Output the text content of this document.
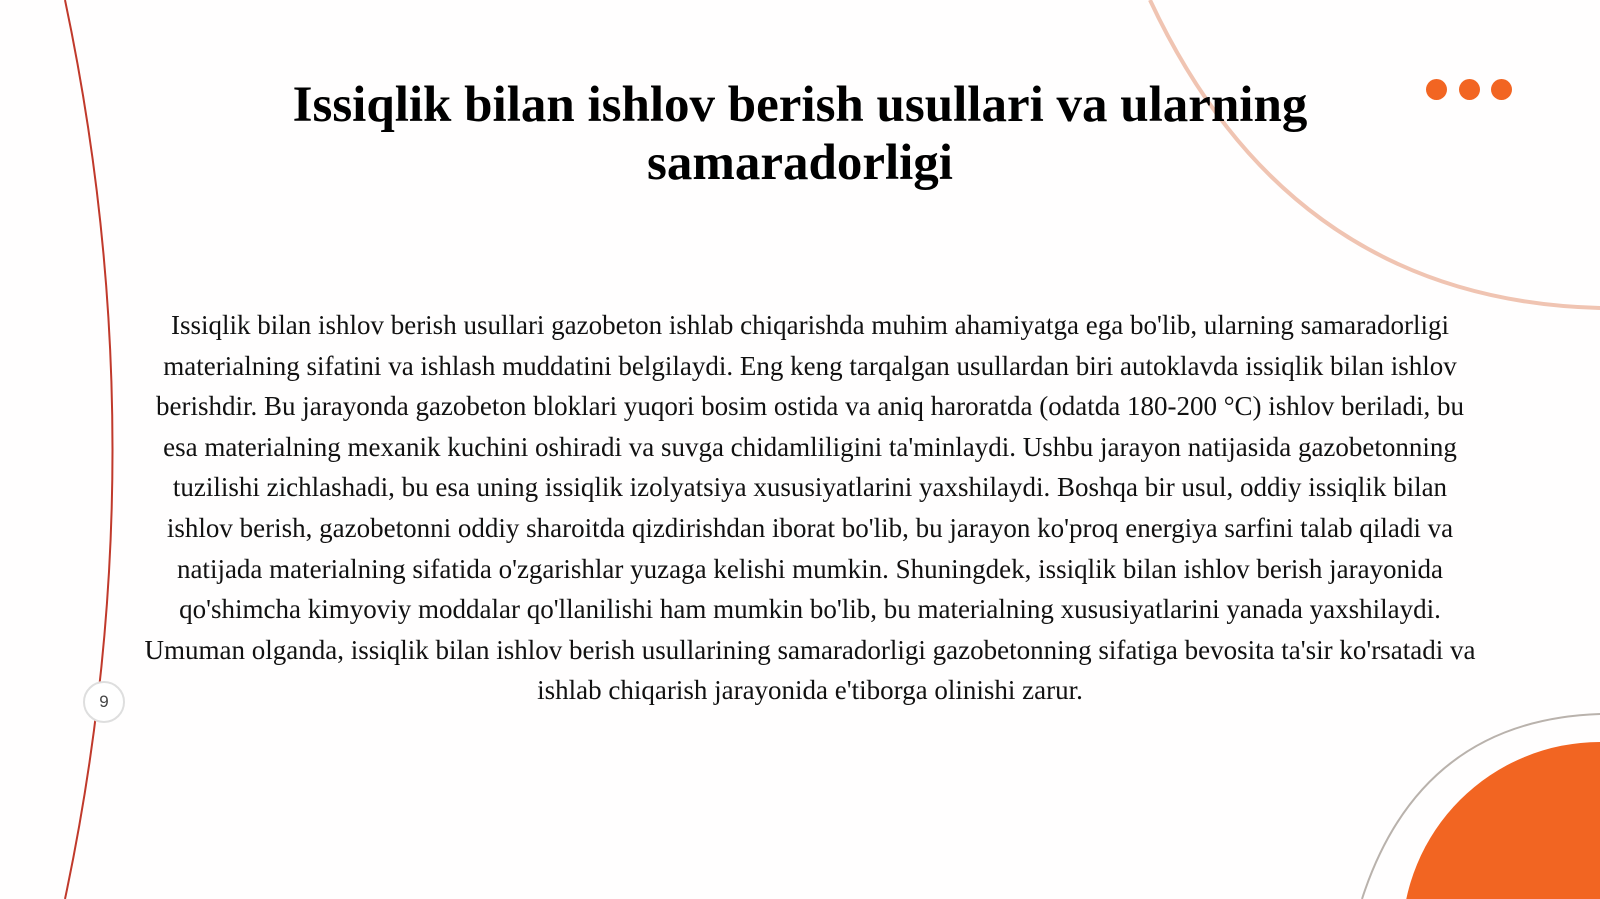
Issiqlik bilan ishlov berish usullari va ularning samaradorligi

Issiqlik bilan ishlov berish usullari gazobeton ishlab chiqarishda muhim ahamiyatga ega bo'lib, ularning samaradorligi materialning sifatini va ishlash muddatini belgilaydi. Eng keng tarqalgan usullardan biri autoklavda issiqlik bilan ishlov berishdir. Bu jarayonda gazobeton bloklari yuqori bosim ostida va aniq haroratda (odatda 180-200 °C) ishlov beriladi, bu esa materialning mexanik kuchini oshiradi va suvga chidamliligini ta'minlaydi. Ushbu jarayon natijasida gazobetonning tuzilishi zichlashadi, bu esa uning issiqlik izolyatsiya xususiyatlarini yaxshilaydi. Boshqa bir usul, oddiy issiqlik bilan ishlov berish, gazobetonni oddiy sharoitda qizdirishdan iborat bo'lib, bu jarayon ko'proq energiya sarfini talab qiladi va natijada materialning sifatida o'zgarishlar yuzaga kelishi mumkin. Shuningdek, issiqlik bilan ishlov berish jarayonida qo'shimcha kimyoviy moddalar qo'llanilishi ham mumkin bo'lib, bu materialning xususiyatlarini yanada yaxshilaydi. Umuman olganda, issiqlik bilan ishlov berish usullarining samaradorligi gazobetonning sifatiga bevosita ta'sir ko'rsatadi va ishlab chiqarish jarayonida e'tiborga olinishi zarur.

9
